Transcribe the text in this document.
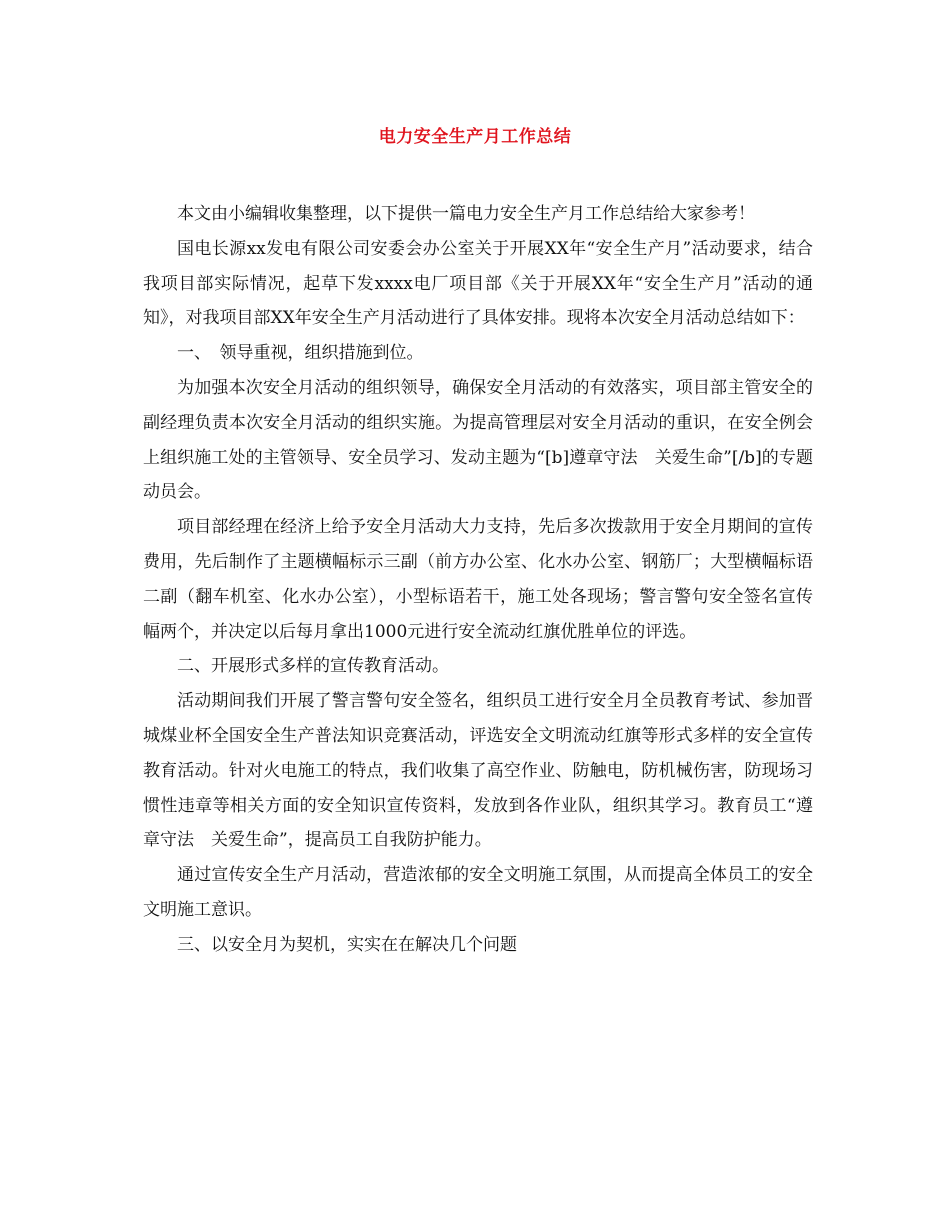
电力安全生产月工作总结

本文由小编辑收集整理，以下提供一篇电力安全生产月工作总结给大家参考！

国电长源xx发电有限公司安委会办公室关于开展XX年“安全生产月”活动要求，结合我项目部实际情况，起草下发xxxx电厂项目部《关于开展XX年“安全生产月”活动的通知》，对我项目部XX年安全生产月活动进行了具体安排。现将本次安全月活动总结如下：

一、　领导重视，组织措施到位。

为加强本次安全月活动的组织领导，确保安全月活动的有效落实，项目部主管安全的副经理负责本次安全月活动的组织实施。为提高管理层对安全月活动的重识，在安全例会上组织施工处的主管领导、安全员学习、发动主题为“[b]遵章守法　关爱生命”[/b]的专题动员会。

项目部经理在经济上给予安全月活动大力支持，先后多次拨款用于安全月期间的宣传费用，先后制作了主题横幅标示三副（前方办公室、化水办公室、钢筋厂；大型横幅标语二副（翻车机室、化水办公室），小型标语若干，施工处各现场；警言警句安全签名宣传幅两个，并决定以后每月拿出1000元进行安全流动红旗优胜单位的评选。

二、开展形式多样的宣传教育活动。

活动期间我们开展了警言警句安全签名，组织员工进行安全月全员教育考试、参加晋城煤业杯全国安全生产普法知识竞赛活动，评选安全文明流动红旗等形式多样的安全宣传教育活动。针对火电施工的特点，我们收集了高空作业、防触电，防机械伤害，防现场习惯性违章等相关方面的安全知识宣传资料，发放到各作业队，组织其学习。教育员工“遵章守法　关爱生命”，提高员工自我防护能力。

通过宣传安全生产月活动，营造浓郁的安全文明施工氛围，从而提高全体员工的安全文明施工意识。

三、以安全月为契机，实实在在解决几个问题
